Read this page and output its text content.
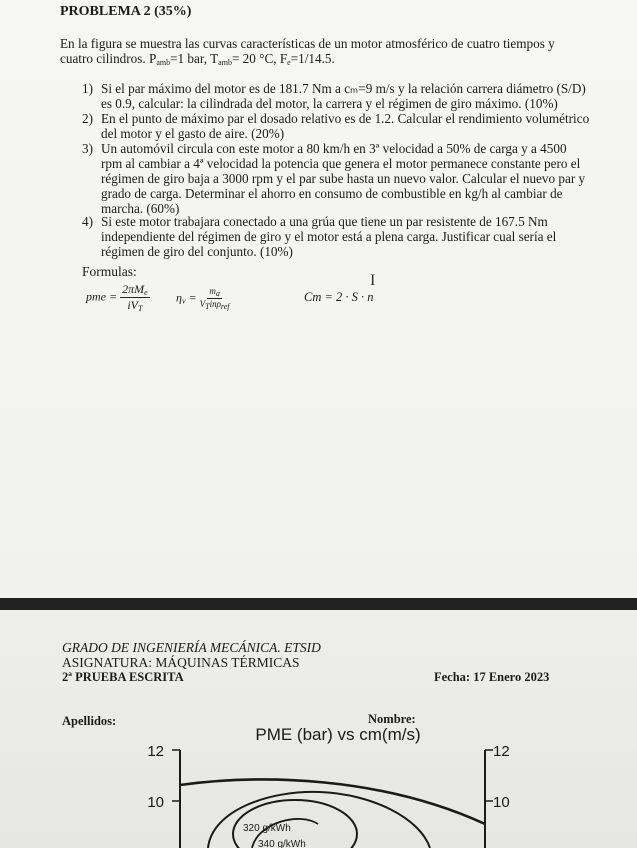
PROBLEMA 2 (35%)
En la figura se muestra las curvas características de un motor atmosférico de cuatro tiempos y
cuatro cilindros. $P_{amb}=1$ bar, $T_{amb}= 20$ °C, $F_e=1/14.5$.
1) Si el par máximo del motor es de 181.7 Nm a cₘ=9 m/s y la relación carrera diámetro (S/D)
es 0.9, calcular: la cilindrada del motor, la carrera y el régimen de giro máximo. (10%)
2) En el punto de máximo par el dosado relativo es de 1.2. Calcular el rendimiento volumétrico
del motor y el gasto de aire. (20%)
3) Un automóvil circula con este motor a 80 km/h en 3ª velocidad a 50% de carga y a 4500
rpm al cambiar a 4ª velocidad la potencia que genera el motor permanece constante pero el
régimen de giro baja a 3000 rpm y el par sube hasta un nuevo valor. Calcular el nuevo par y
grado de carga. Determinar el ahorro en consumo de combustible en kg/h al cambiar de
marcha. (60%)
4) Si este motor trabajara conectado a una grúa que tiene un par resistente de 167.5 Nm
independiente del régimen de giro y el motor está a plena carga. Justificar cual sería el
régimen de giro del conjunto. (10%)
Formulas:
pme = $\frac{2\pi M_e}{iV_T} \eta_v = \frac{m_a}{V_Tin\rho_{ref}}$	Cm = 2 · S · n
I
GRADO DE INGENIERÍA MECÁNICA. ETSID
ASIGNATURA: MÁQUINAS TÉRMICAS
2ª PRUEBA ESCRITA	Fecha: 17 Enero 2023
Apellidos:	Nombre:
PME (bar) vs cm(m/s)
12
10
12
10
320 g/kWh
340 g/kWh
